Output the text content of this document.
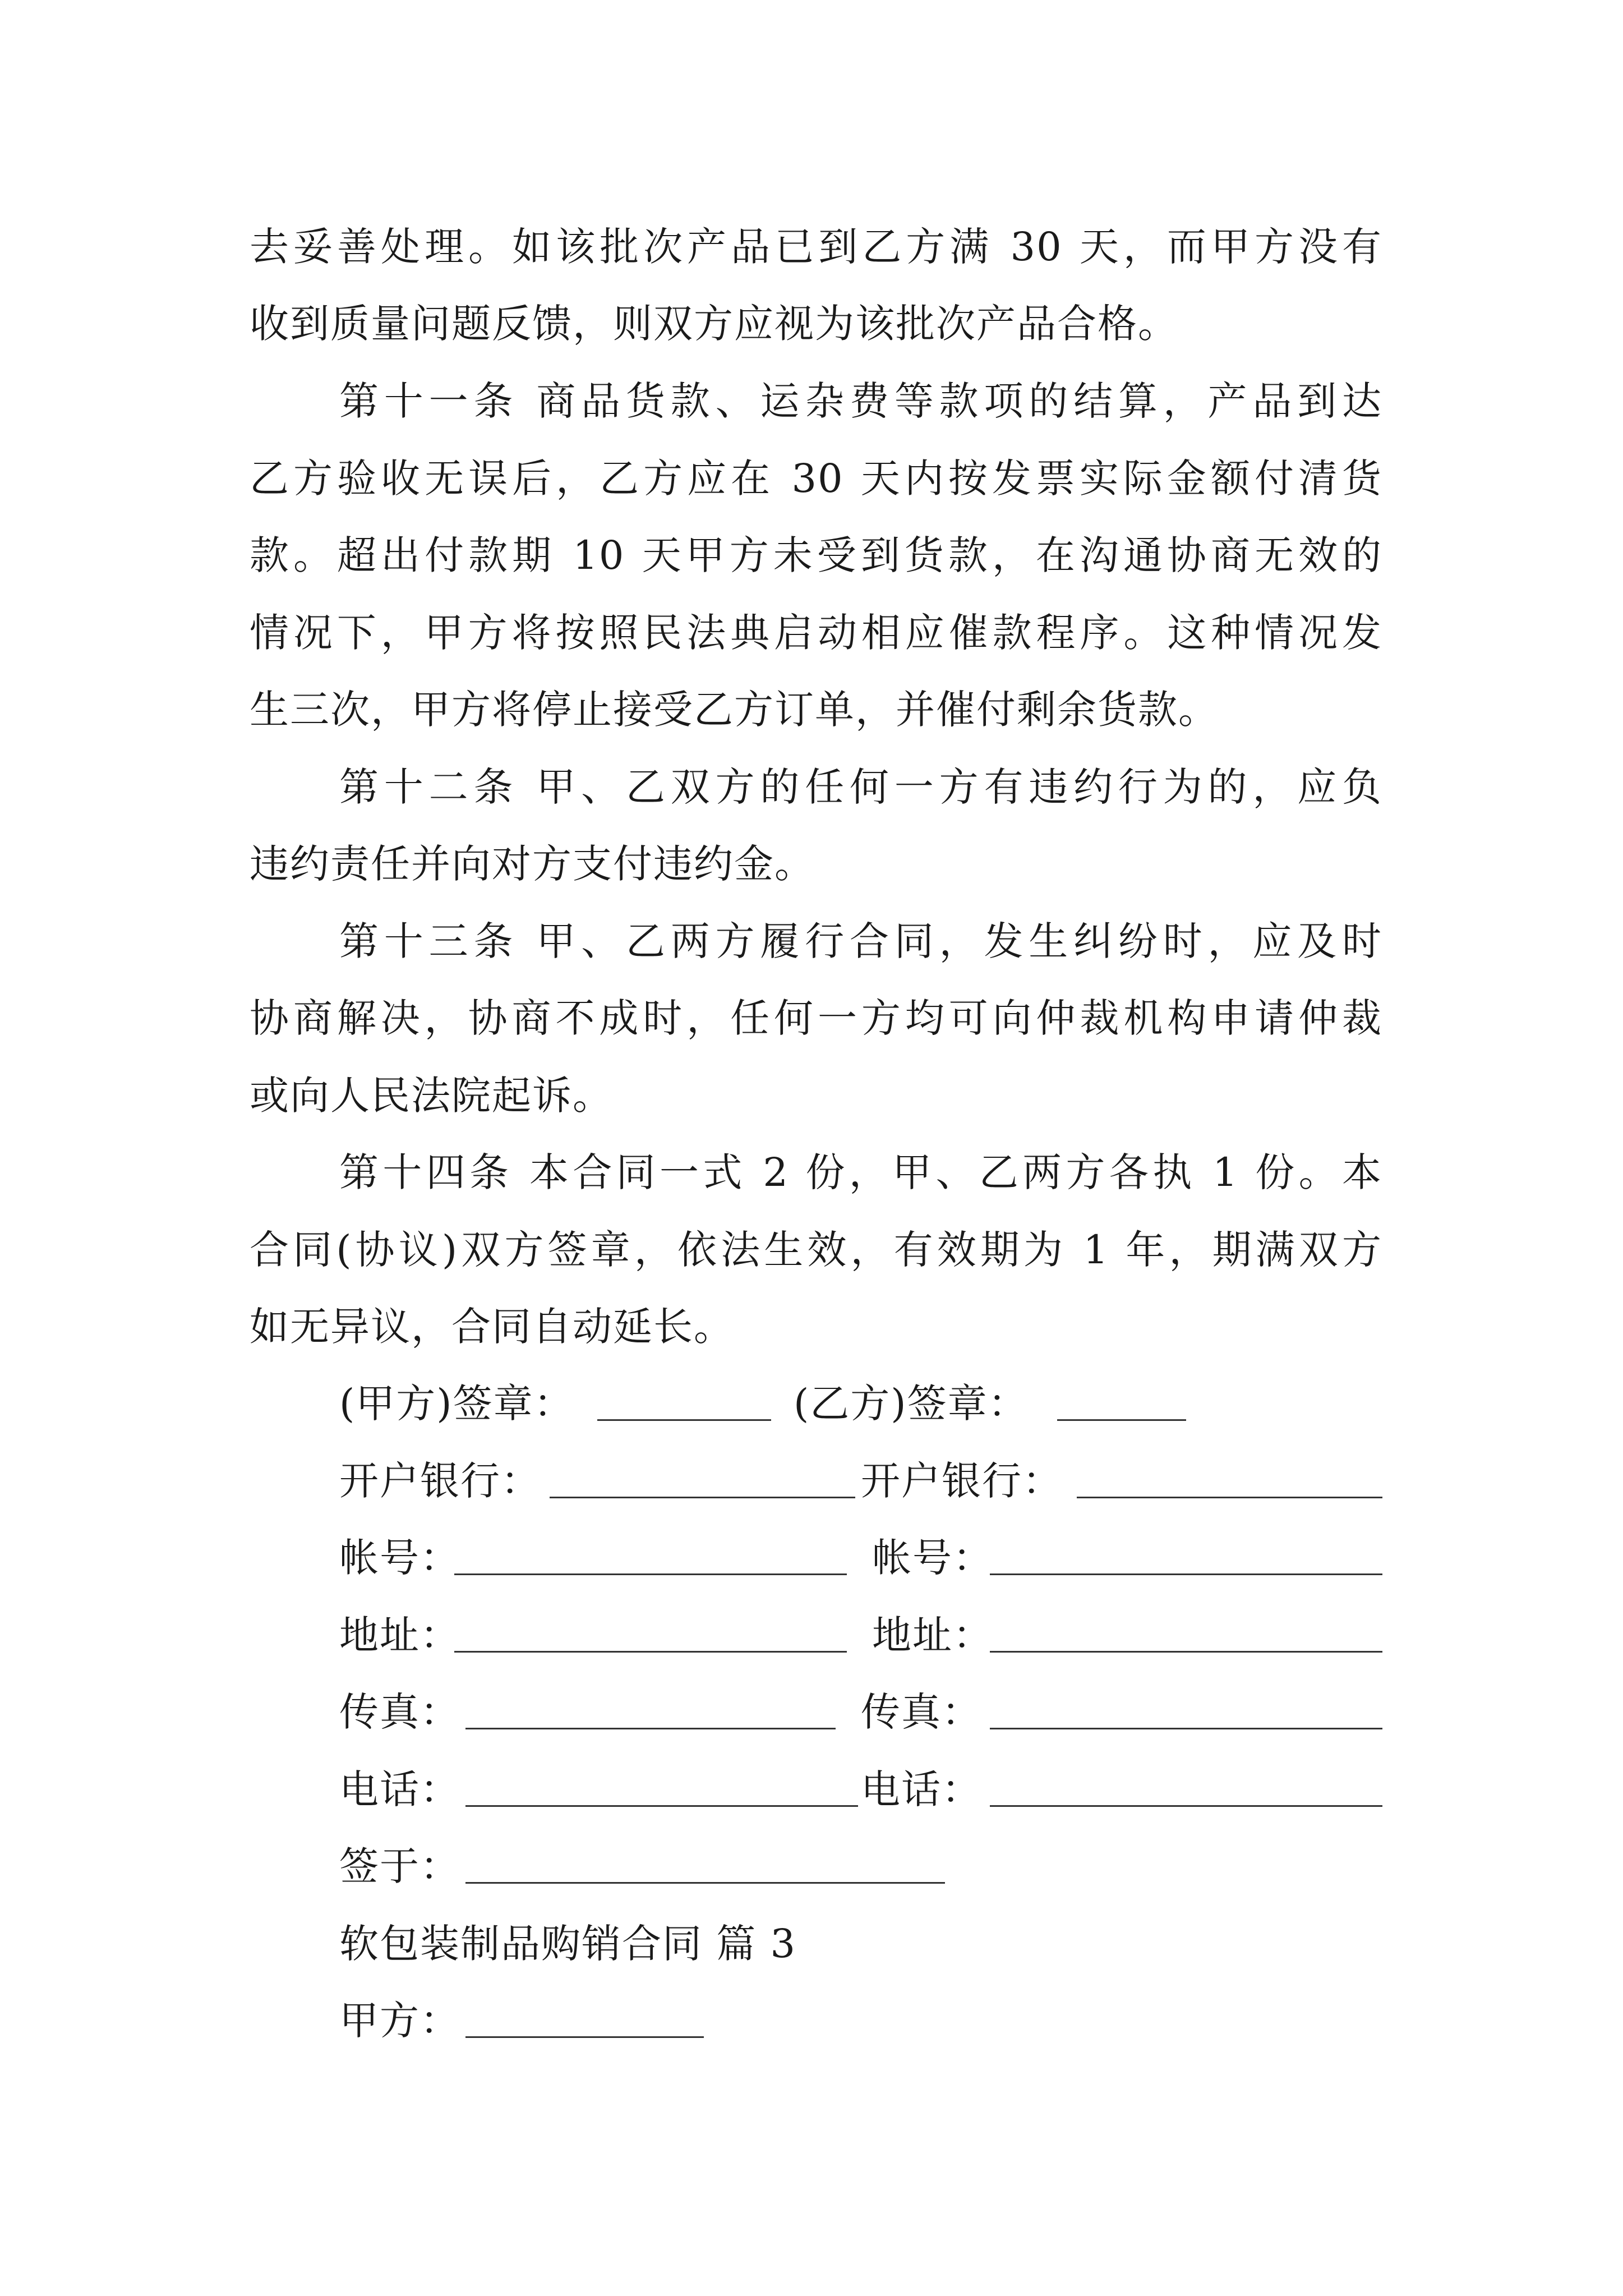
去妥善处理。如该批次产品已到乙方满 30 天，而甲方没有
收到质量问题反馈，则双方应视为该批次产品合格。
第十一条 商品货款、运杂费等款项的结算，产品到达
乙方验收无误后，乙方应在 30 天内按发票实际金额付清货
款。超出付款期 10 天甲方未受到货款，在沟通协商无效的
情况下，甲方将按照民法典启动相应催款程序。这种情况发
生三次，甲方将停止接受乙方订单，并催付剩余货款。
第十二条 甲、乙双方的任何一方有违约行为的，应负
违约责任并向对方支付违约金。
第十三条 甲、乙两方履行合同，发生纠纷时，应及时
协商解决，协商不成时，任何一方均可向仲裁机构申请仲裁
或向人民法院起诉。
第十四条 本合同一式 2 份，甲、乙两方各执 1 份。本
合同(协议)双方签章，依法生效，有效期为 1 年，期满双方
如无异议，合同自动延长。
(甲方)签章：	(乙方)签章：
开户银行：	开户银行：
帐号：	帐号：
地址：	地址：
传真：	传真：
电话：	电话：
签于：
软包装制品购销合同 篇 3
甲方：
